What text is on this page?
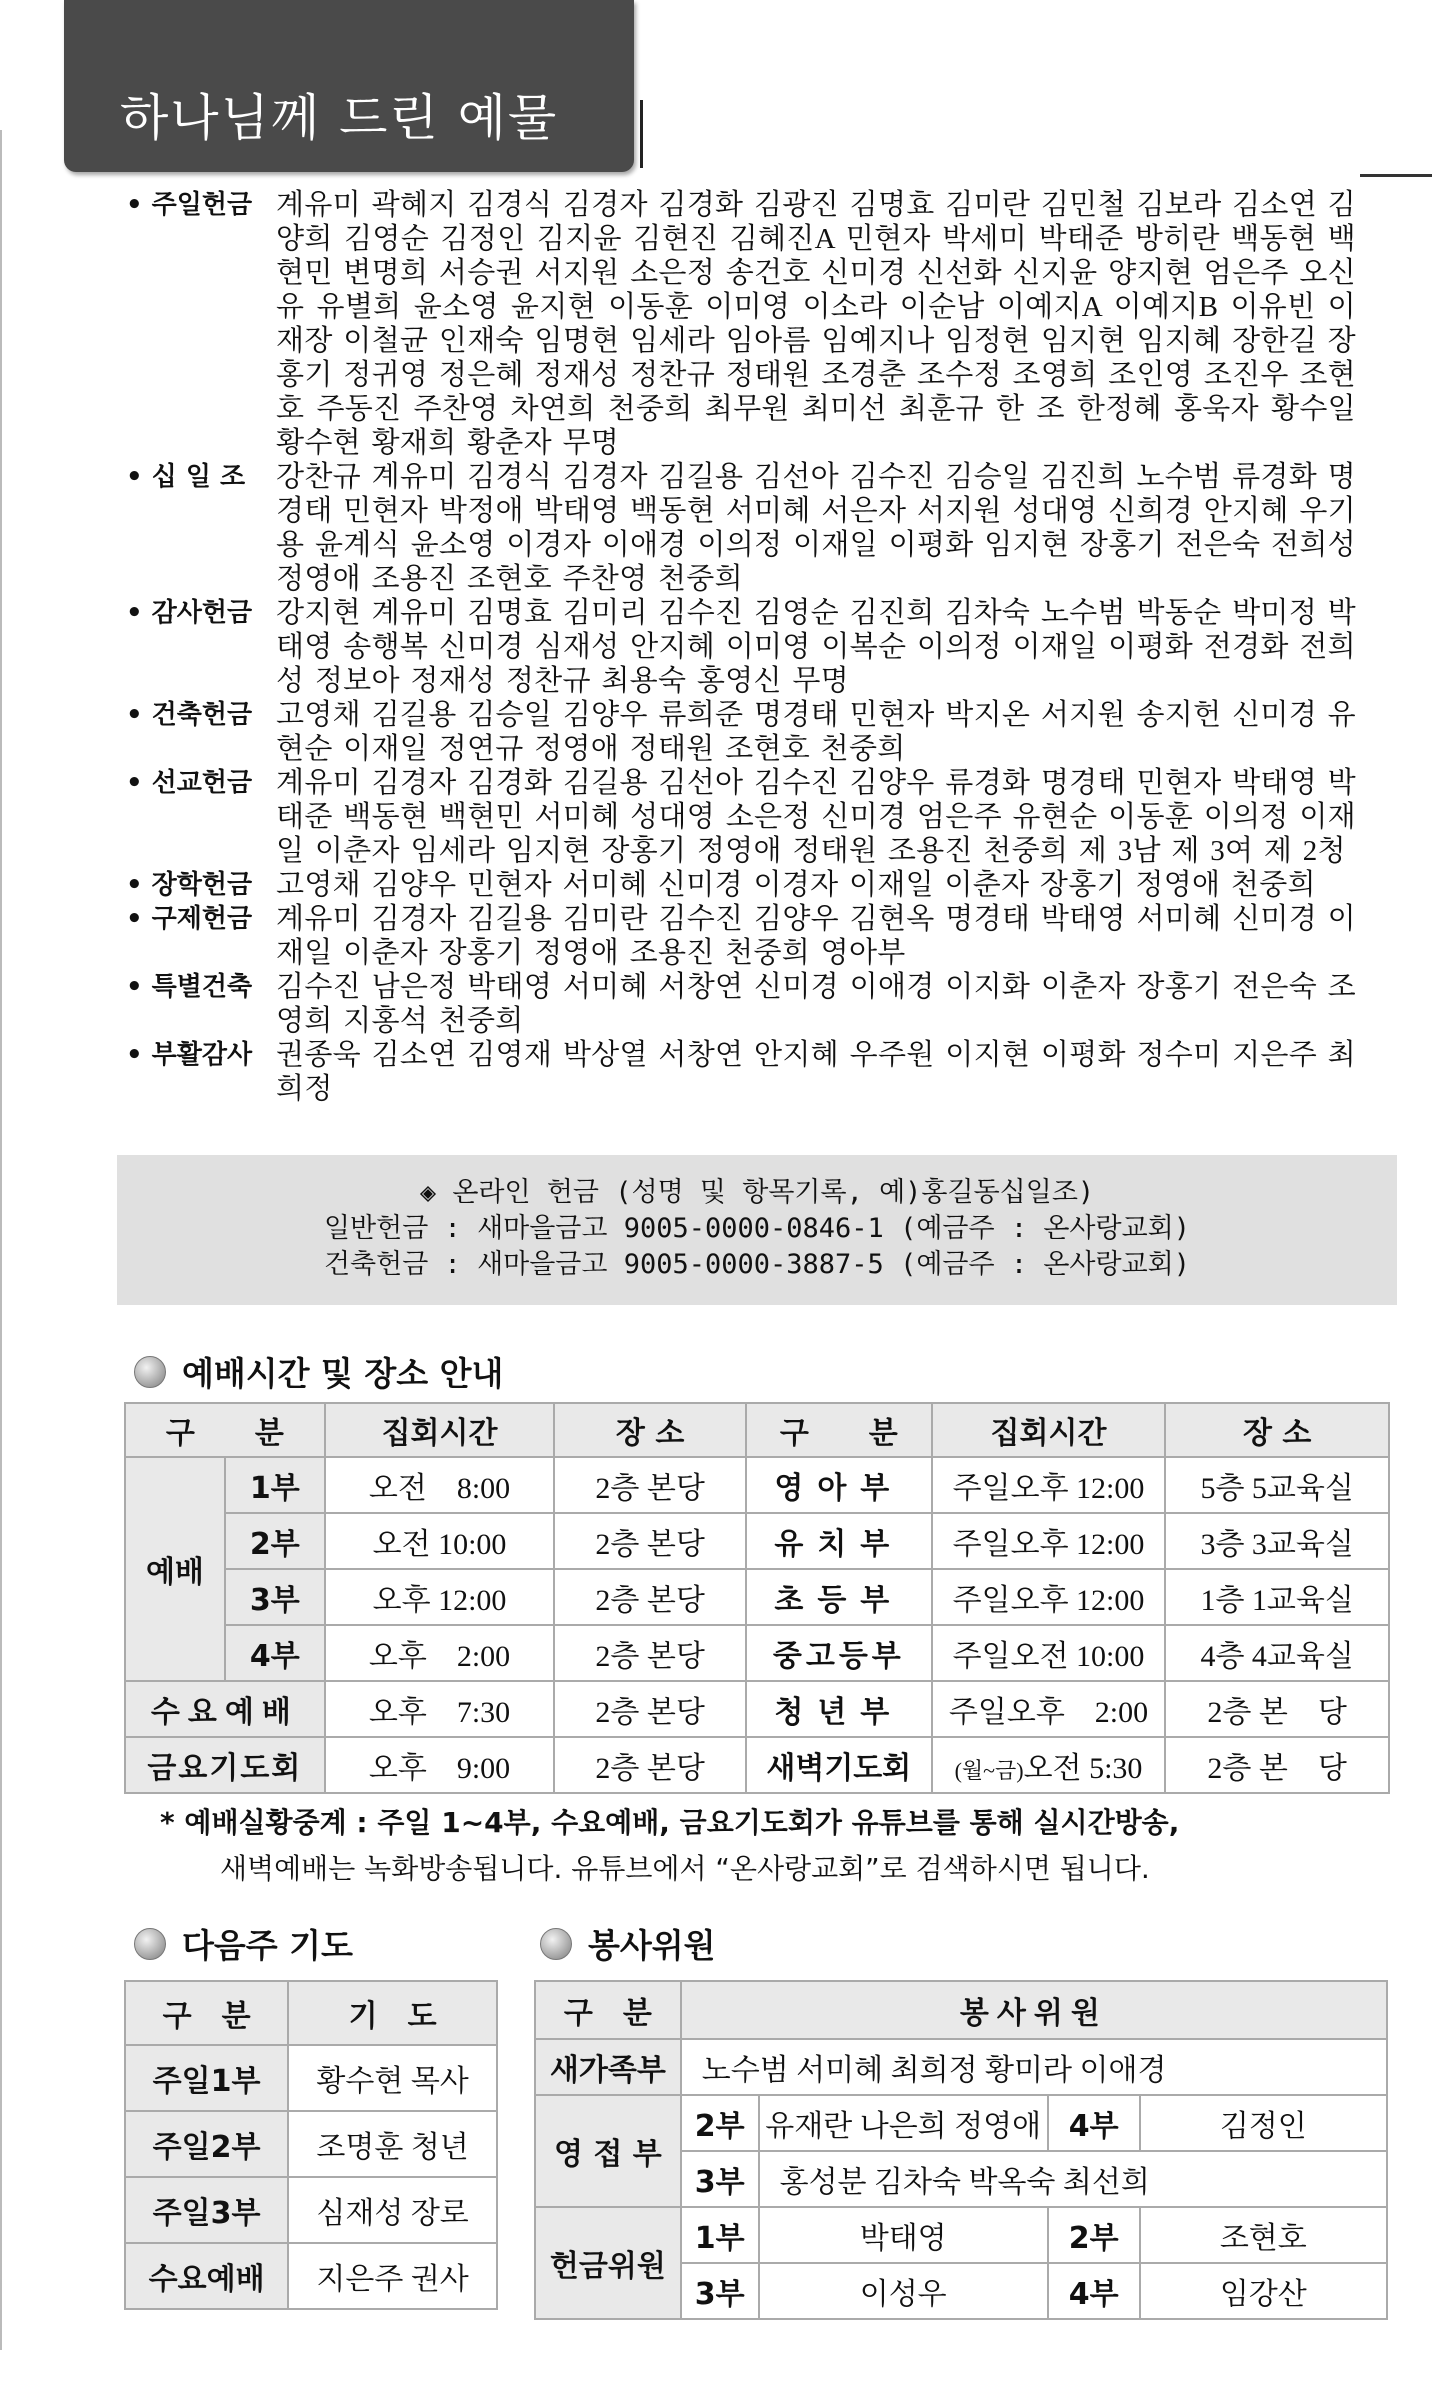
하나님께 드린 예물
• 주일헌금 계유미 곽혜지 김경식 김경자 김경화 김광진 김명효 김미란 김민철 김보라 김소연 김양희 김영순 김정인 김지윤 김현진 김혜진A 민현자 박세미 박태준 방히란 백동현 백현민 변명희 서승권 서지원 소은정 송건호 신미경 신선화 신지윤 양지현 엄은주 오신유 유별희 윤소영 윤지현 이동훈 이미영 이소라 이순남 이예지A 이예지B 이유빈 이재장 이철균 인재숙 임명현 임세라 임아름 임예지나 임정현 임지현 임지혜 장한길 장홍기 정귀영 정은혜 정재성 정찬규 정태원 조경춘 조수정 조영희 조인영 조진우 조현호 주동진 주찬영 차연희 천중희 최무원 최미선 최훈규 한 조 한정혜 홍욱자 황수일 황수현 황재희 황춘자 무명
• 십 일 조	강찬규 계유미 김경식 김경자 김길용 김선아 김수진 김승일 김진희 노수범 류경화 명경태 민현자 박정애 박태영 백동현 서미혜 서은자 서지원 성대영 신희경 안지혜 우기용 윤계식 윤소영 이경자 이애경 이의정 이재일 이평화 임지현 장홍기 전은숙 전희성 정영애 조용진 조현호 주찬영 천중희
• 감사헌금 강지현 계유미 김명효 김미리 김수진 김영순 김진희 김차숙 노수범 박동순 박미정 박태영 송행복 신미경 심재성 안지혜 이미영 이복순 이의정 이재일 이평화 전경화 전희성 정보아 정재성 정찬규 최용숙 홍영신 무명
• 건축헌금 고영채 김길용 김승일 김양우 류희준 명경태 민현자 박지온 서지원 송지헌 신미경 유현순 이재일 정연규 정영애 정태원 조현호 천중희
• 선교헌금 계유미 김경자 김경화 김길용 김선아 김수진 김양우 류경화 명경태 민현자 박태영 박태준 백동현 백현민 서미혜 성대영 소은정 신미경 엄은주 유현순 이동훈 이의정 이재일 이춘자 임세라 임지현 장홍기 정영애 정태원 조용진 천중희 제 3남 제 3여 제 2청
• 장학헌금 고영채 김양우 민현자 서미혜 신미경 이경자 이재일 이춘자 장홍기 정영애 천중희
• 구제헌금 계유미 김경자 김길용 김미란 김수진 김양우 김현옥 명경태 박태영 서미혜 신미경 이재일 이춘자 장홍기 정영애 조용진 천중희 영아부
• 특별건축 김수진 남은정 박태영 서미혜 서창연 신미경 이애경 이지화 이춘자 장홍기 전은숙 조영희 지홍석 천중희
• 부활감사 권종욱 김소연 김영재 박상열 서창연 안지혜 우주원 이지현 이평화 정수미 지은주 최희정
◈ 온라인 헌금 (성명 및 항목기록, 예)홍길동십일조)
일반헌금 : 새마을금고 9005-0000-0846-1 (예금주 : 온사랑교회)
건축헌금 : 새마을금고 9005-0000-3887-5 (예금주 : 온사랑교회)
예배시간 및 장소 안내
구　　분		집회시간	장 소	구　　분	집회시간	장 소
예배	1부	오전　8:00	2층 본당	영아부	주일오후 12:00	5층 5교육실
	2부	오전 10:00	2층 본당	유치부	주일오후 12:00	3층 3교육실
	3부	오후 12:00	2층 본당	초등부	주일오후 12:00	1층 1교육실
	4부	오후　2:00	2층 본당	중고등부	주일오전 10:00	4층 4교육실
수요예배		오후　7:30	2층 본당	청년부	주일오후　2:00	2층 본　당
금요기도회		오후　9:00	2층 본당	새벽기도회	(월~금)오전 5:30	2층 본　당
* 예배실황중계 : 주일 1~4부, 수요예배, 금요기도회가 유튜브를 통해 실시간방송,
새벽예배는 녹화방송됩니다. 유튜브에서 “온사랑교회”로 검색하시면 됩니다.
다음주 기도
구　분	기　도
주일1부	황수현 목사
주일2부	조명훈 청년
주일3부	심재성 장로
수요예배	지은주 권사
봉사위원
구　분	봉사위원			
새가족부	노수범 서미혜 최희정 황미라 이애경			
영 접 부	2부	유재란 나은희 정영애	4부	김정인
	3부	홍성분 김차숙 박옥숙 최선희		
헌금위원	1부	박태영	2부	조현호
	3부	이성우	4부	임강산
